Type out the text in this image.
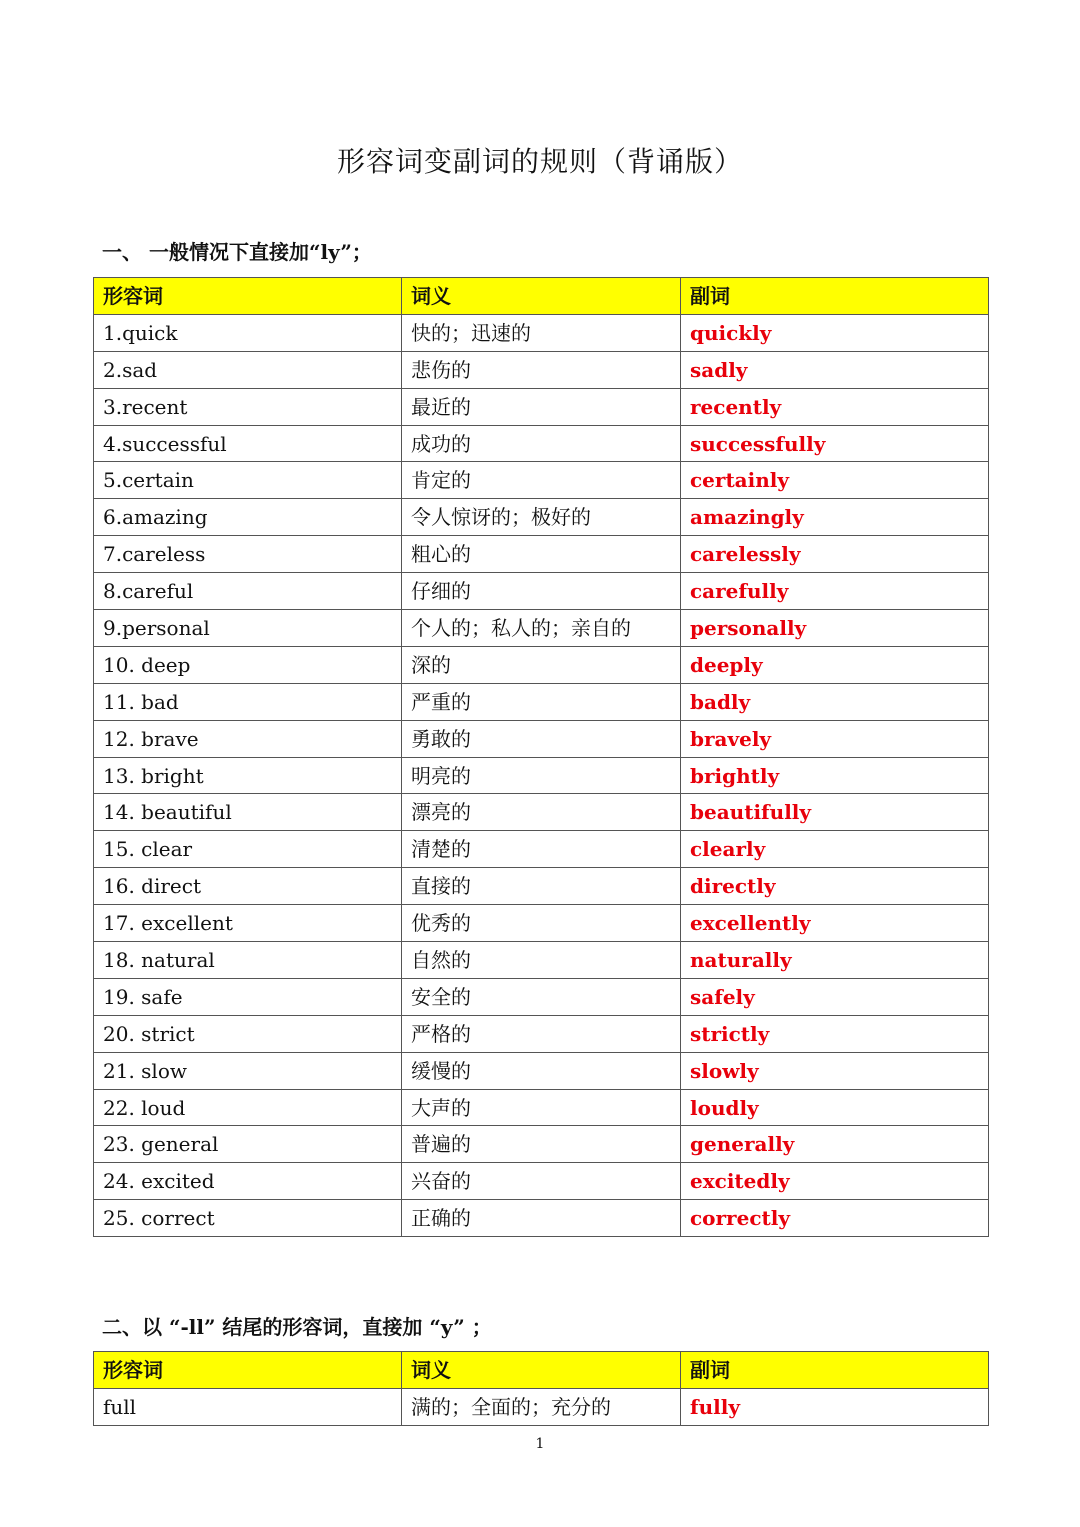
形容词变副词的规则（背诵版）
一、 一般情况下直接加“ly”；
形容词	词义	副词
1.quick	快的；迅速的	quickly
2.sad	悲伤的	sadly
3.recent	最近的	recently
4.successful	成功的	successfully
5.certain	肯定的	certainly
6.amazing	令人惊讶的；极好的	amazingly
7.careless	粗心的	carelessly
8.careful	仔细的	carefully
9.personal	个人的；私人的；亲自的	personally
10. deep	深的	deeply
11. bad	严重的	badly
12. brave	勇敢的	bravely
13. bright	明亮的	brightly
14. beautiful	漂亮的	beautifully
15. clear	清楚的	clearly
16. direct	直接的	directly
17. excellent	优秀的	excellently
18. natural	自然的	naturally
19. safe	安全的	safely
20. strict	严格的	strictly
21. slow	缓慢的	slowly
22. loud	大声的	loudly
23. general	普遍的	generally
24. excited	兴奋的	excitedly
25. correct	正确的	correctly
二、以 “-ll” 结尾的形容词，直接加 “y” ；
形容词	词义	副词
full	满的；全面的；充分的	fully
1
